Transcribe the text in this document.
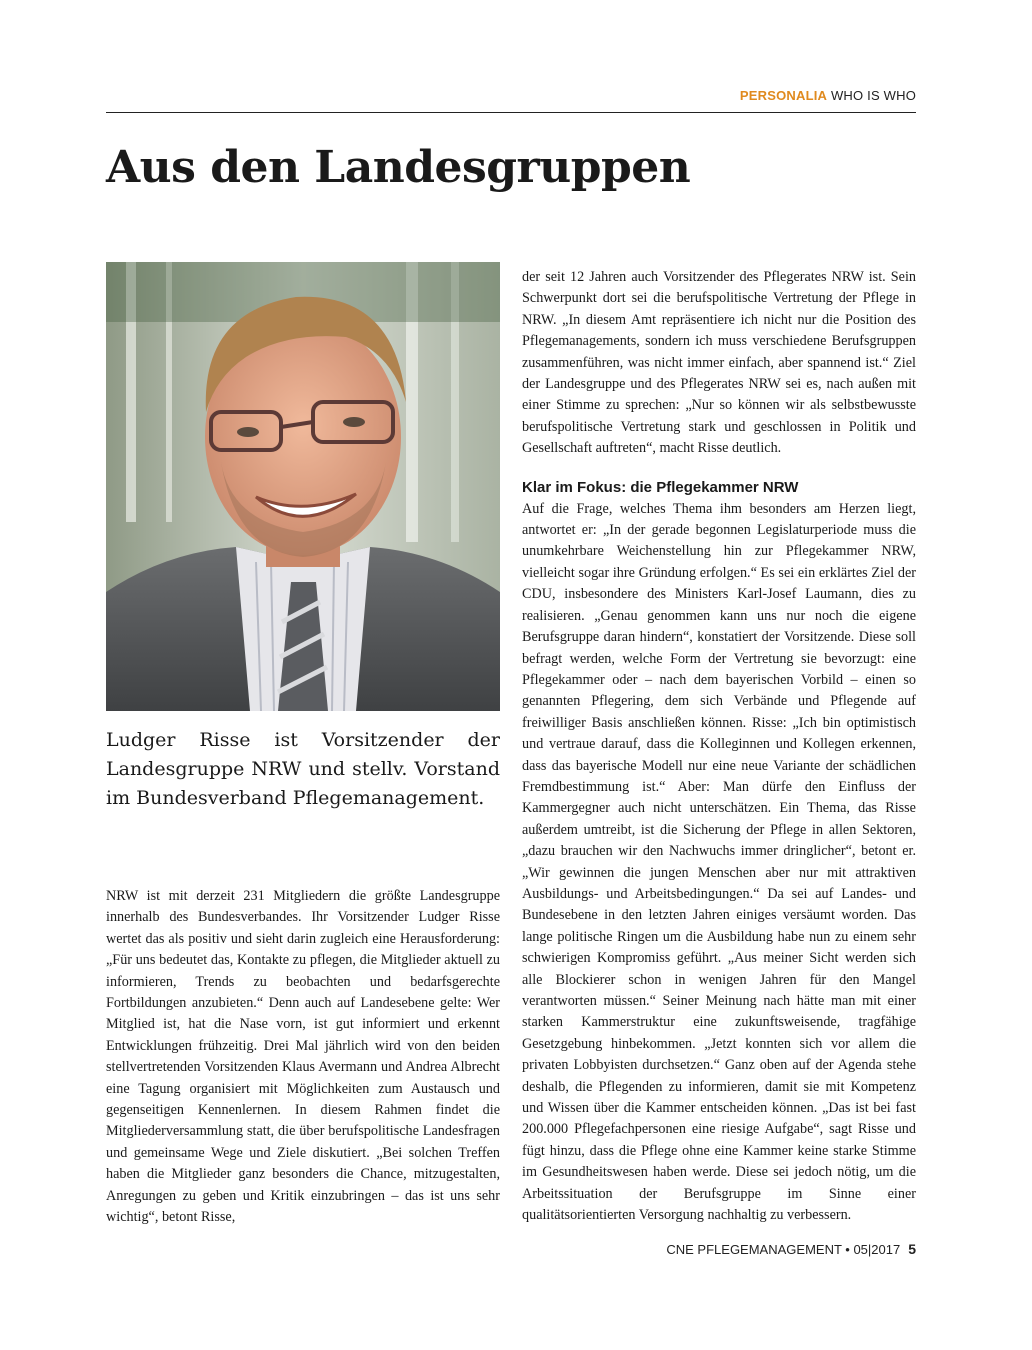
PERSONALIA WHO IS WHO
Aus den Landesgruppen

Ludger Risse ist Vorsitzender der Landesgruppe NRW und stellv. Vorstand im Bundesverband Pflegemanagement.

NRW ist mit derzeit 231 Mitgliedern die größte Landesgruppe innerhalb des Bundesverbandes. Ihr Vorsitzender Ludger Risse wertet das als positiv und sieht darin zugleich eine Herausforderung: „Für uns bedeutet das, Kontakte zu pflegen, die Mitglieder aktuell zu informieren, Trends zu beobachten und bedarfsgerechte Fortbildungen anzubieten.“ Denn auch auf Landesebene gelte: Wer Mitglied ist, hat die Nase vorn, ist gut informiert und erkennt Entwicklungen frühzeitig. Drei Mal jährlich wird von den beiden stellvertretenden Vorsitzenden Klaus Avermann und Andrea Albrecht eine Tagung organisiert mit Möglichkeiten zum Austausch und gegenseitigen Kennenlernen. In diesem Rahmen findet die Mitgliederversammlung statt, die über berufspolitische Landesfragen und gemeinsame Wege und Ziele diskutiert. „Bei solchen Treffen haben die Mitglieder ganz besonders die Chance, mitzugestalten, Anregungen zu geben und Kritik einzubringen – das ist uns sehr wichtig“, betont Risse,

der seit 12 Jahren auch Vorsitzender des Pflegerates NRW ist. Sein Schwerpunkt dort sei die berufspolitische Vertretung der Pflege in NRW. „In diesem Amt repräsentiere ich nicht nur die Position des Pflegemanagements, sondern ich muss verschiedene Berufsgruppen zusammenführen, was nicht immer einfach, aber spannend ist.“ Ziel der Landesgruppe und des Pflegerates NRW sei es, nach außen mit einer Stimme zu sprechen: „Nur so können wir als selbstbewusste berufspolitische Vertretung stark und geschlossen in Politik und Gesellschaft auftreten“, macht Risse deutlich.

Klar im Fokus: die Pflegekammer NRW

Auf die Frage, welches Thema ihm besonders am Herzen liegt, antwortet er: „In der gerade begonnen Legislaturperiode muss die unumkehrbare Weichenstellung hin zur Pflegekammer NRW, vielleicht sogar ihre Gründung erfolgen.“ Es sei ein erklärtes Ziel der CDU, insbesondere des Ministers Karl-Josef Laumann, dies zu realisieren. „Genau genommen kann uns nur noch die eigene Berufsgruppe daran hindern“, konstatiert der Vorsitzende. Diese soll befragt werden, welche Form der Vertretung sie bevorzugt: eine Pflegekammer oder – nach dem bayerischen Vorbild – einen so genannten Pflegering, dem sich Verbände und Pflegende auf freiwilliger Basis anschließen können. Risse: „Ich bin optimistisch und vertraue darauf, dass die Kolleginnen und Kollegen erkennen, dass das bayerische Modell nur eine neue Variante der schädlichen Fremdbestimmung ist.“ Aber: Man dürfe den Einfluss der Kammergegner auch nicht unterschätzen. Ein Thema, das Risse außerdem umtreibt, ist die Sicherung der Pflege in allen Sektoren, „dazu brauchen wir den Nachwuchs immer dringlicher“, betont er. „Wir gewinnen die jungen Menschen aber nur mit attraktiven Ausbildungs- und Arbeitsbedingungen.“ Da sei auf Landes- und Bundesebene in den letzten Jahren einiges versäumt worden. Das lange politische Ringen um die Ausbildung habe nun zu einem sehr schwierigen Kompromiss geführt. „Aus meiner Sicht werden sich alle Blockierer schon in wenigen Jahren für den Mangel verantworten müssen.“ Seiner Meinung nach hätte man mit einer starken Kammerstruktur eine zukunftsweisende, tragfähige Gesetzgebung hinbekommen. „Jetzt konnten sich vor allem die privaten Lobbyisten durchsetzen.“ Ganz oben auf der Agenda stehe deshalb, die Pflegenden zu informieren, damit sie mit Kompetenz und Wissen über die Kammer entscheiden können. „Das ist bei fast 200.000 Pflegefachpersonen eine riesige Aufgabe“, sagt Risse und fügt hinzu, dass die Pflege ohne eine Kammer keine starke Stimme im Gesundheitswesen haben werde. Diese sei jedoch nötig, um die Arbeitssituation der Berufsgruppe im Sinne einer qualitätsorientierten Versorgung nachhaltig zu verbessern.

CNE PFLEGEMANAGEMENT • 05|2017 5
